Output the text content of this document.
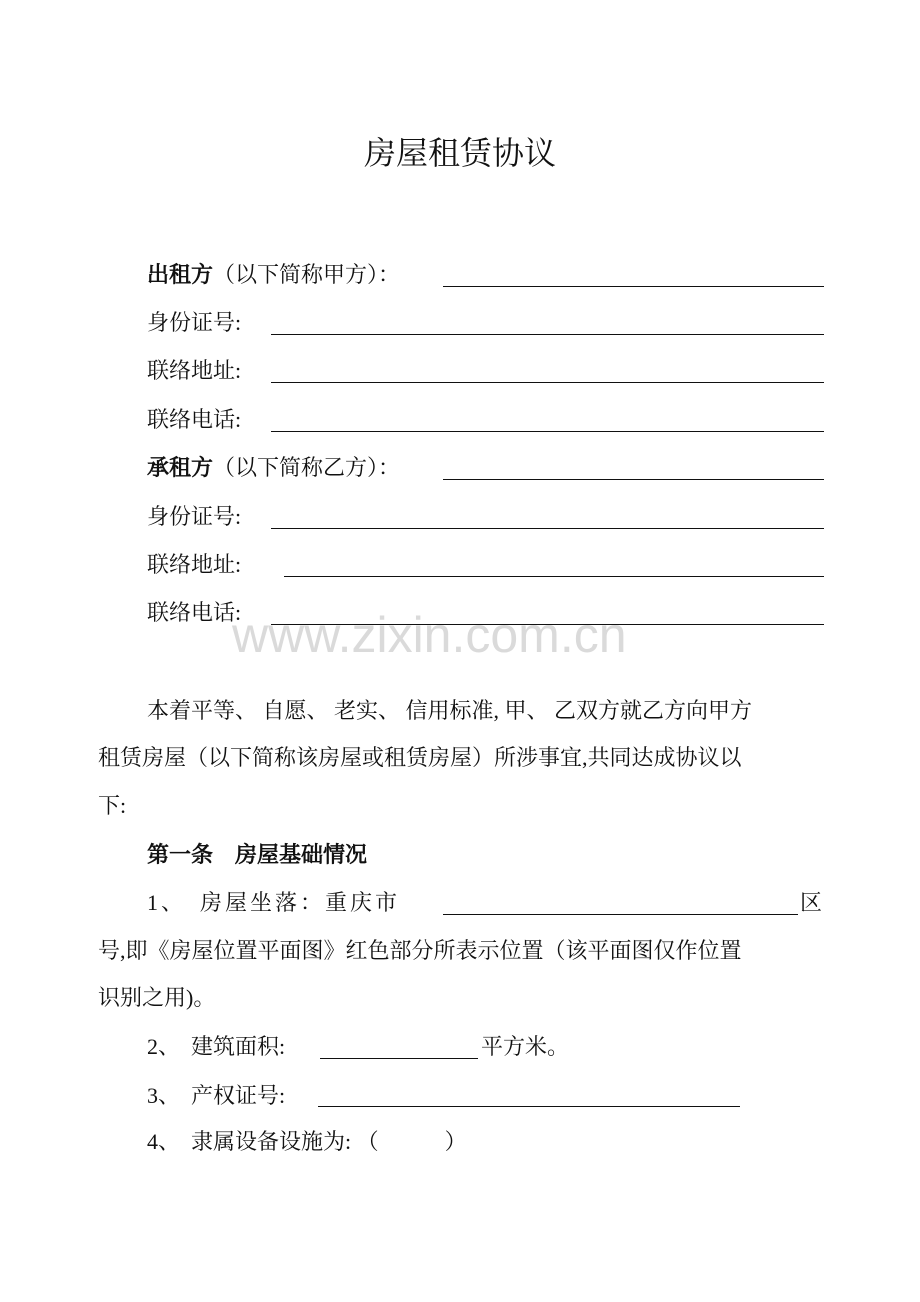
房屋租赁协议
www.zixin.com.cn
出租方（以下简称甲方）：
身份证号:
联络地址:
联络电话:
承租方（以下简称乙方）：
身份证号:
联络地址:
联络电话:
本着平等、 自愿、 老实、 信用标准, 甲、 乙双方就乙方向甲方
租赁房屋（以下简称该房屋或租赁房屋）所涉事宜,共同达成协议以
下:
第一条　房屋基础情况
1、　房屋坐落：重庆市	区
号,即《房屋位置平面图》红色部分所表示位置（该平面图仅作位置
识别之用)。
2、　建筑面积:	平方米。
3、　产权证号:
4、　隶属设备设施为: （　　　）
